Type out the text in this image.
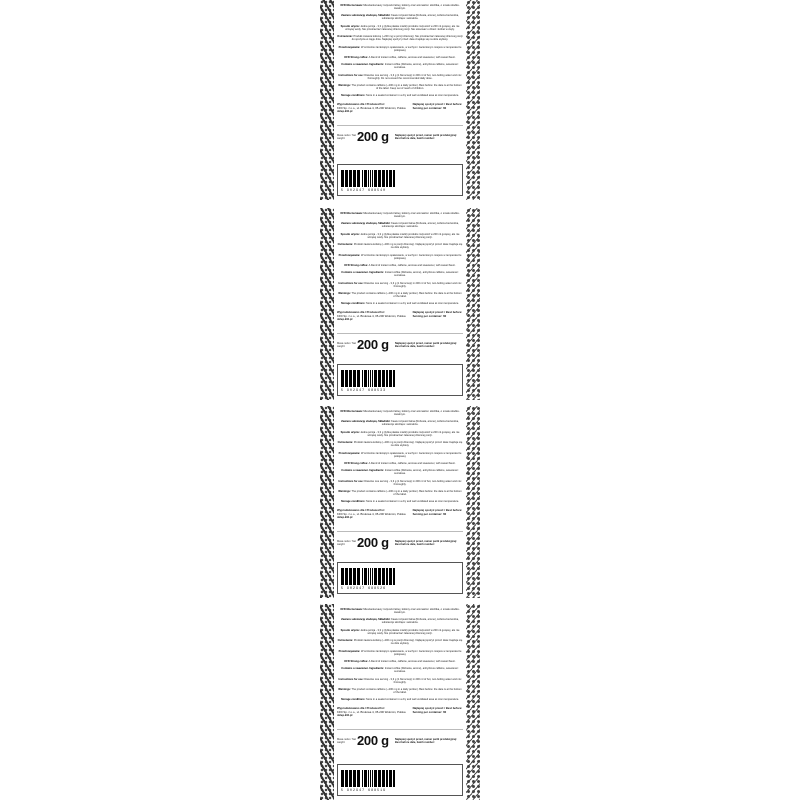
KFD Mocna kawa: Mieszanka kawy rozpuszczalnej, kofeiny oraz aromatów i słodzika, o smaku słodko-kwaśnym.

Zawiera substancję słodzącą. Składniki: Kawa rozpuszczalna (Robusta, arome), kofeina bezwodna, substancje słodzące: sukraloza.

Sposób użycia: Jedna porcja - 3,3 g (łyżka płaska miarki) produktu rozpuścić w 200 ml gorącej, ale nie wrzącej wody. Nie przekraczać zalecanej dziennej porcji. Nie stosować u dzieci i kobiet w ciąży.

Ostrzeżenie: Produkt zawiera kofeinę (~200 mg w porcji dziennej). Nie przekraczać zalecanej dziennej porcji do spożycia w ciągu dnia. Najlepiej spożyć przed: data znajduje się na dole etykiety.

Przechowywanie: W szczelnie zamkniętym opakowaniu, w suchym i zacienionym miejscu w temperaturze pokojowej.

KFD Strong coffee: A blend of instant coffee, caffeine, aromas and sweetener, with sweet flavor.

Contains a sweetener. Ingredients: Instant coffee (Robusta, arome), anhydrous caffeine, sweetener: sucralose.

Instructions for use: Dissolve one serving - 3,3 g (1 flat scoop) in 200 ml of hot, non-boiling water and mix thoroughly. Do not exceed the recommended daily dose.

Warnings: The product contains caffeine (~200 mg in a daily portion). Best before: the date is at the bottom of the label. Keep out of reach of children.

Storage conditions: Store in a sealed container in a dry and well ventilated area at room temperature.

Wyprodukowano dla / Produced for:
KFD Sp. z o.o., ul. Brukowa 4, 05-200 Wołomin, Polska
sklep.kfd.pl
Najlepiej spożyć przed: / Best before:
Serving per container: 60
Masa netto / Net weight: 200 g	Najlepiej spożyć przed, numer partii produkcyjnej: Best before date, batch number:
5 902947 688540

KFD Mocna kawa: Mieszanka kawy rozpuszczalnej, kofeiny oraz aromatów i słodzika, o smaku słodko-kwaśnym.

Zawiera substancję słodzącą. Składniki: Kawa rozpuszczalna (Robusta, arome), kofeina bezwodna, substancje słodzące: sukraloza.

Sposób użycia: Jedna porcja - 3,3 g (łyżka płaska miarki) produktu rozpuścić w 200 ml gorącej, ale nie wrzącej wody. Nie przekraczać zalecanej dziennej porcji.

Ostrzeżenie: Produkt zawiera kofeinę (~200 mg w porcji dziennej). Najlepiej spożyć przed: data znajduje się na dole etykiety.

Przechowywanie: W szczelnie zamkniętym opakowaniu, w suchym i zacienionym miejscu w temperaturze pokojowej.

KFD Strong coffee: A blend of instant coffee, caffeine, aromas and sweetener, with sweet flavor.

Contains a sweetener. Ingredients: Instant coffee (Robusta, arome), anhydrous caffeine, sweetener: sucralose.

Instructions for use: Dissolve one serving - 3,3 g (1 flat scoop) in 200 ml of hot, non-boiling water and mix thoroughly.

Warnings: The product contains caffeine (~200 mg in a daily portion). Best before: the date is at the bottom of the label.

Storage conditions: Store in a sealed container in a dry and well ventilated area at room temperature.

Wyprodukowano dla / Produced for:
KFD Sp. z o.o., ul. Brukowa 4, 05-200 Wołomin, Polska
sklep.kfd.pl
Najlepiej spożyć przed: / Best before:
Serving per container: 60
Masa netto / Net weight: 200 g	Najlepiej spożyć przed, numer partii produkcyjnej: Best before date, batch number:
5 902947 688533

KFD Mocna kawa: Mieszanka kawy rozpuszczalnej, kofeiny oraz aromatów i słodzika, o smaku słodko-kwaśnym.

Zawiera substancję słodzącą. Składniki: Kawa rozpuszczalna (Robusta, arome), kofeina bezwodna, substancje słodzące: sukraloza.

Sposób użycia: Jedna porcja - 3,3 g (łyżka płaska miarki) produktu rozpuścić w 200 ml gorącej, ale nie wrzącej wody. Nie przekraczać zalecanej dziennej porcji.

Ostrzeżenie: Produkt zawiera kofeinę (~200 mg w porcji dziennej). Najlepiej spożyć przed: data znajduje się na dole etykiety.

Przechowywanie: W szczelnie zamkniętym opakowaniu, w suchym i zacienionym miejscu w temperaturze pokojowej.

KFD Strong coffee: A blend of instant coffee, caffeine, aromas and sweetener, with sweet flavor.

Contains a sweetener. Ingredients: Instant coffee (Robusta, arome), anhydrous caffeine, sweetener: sucralose.

Instructions for use: Dissolve one serving - 3,3 g (1 flat scoop) in 200 ml of hot, non-boiling water and mix thoroughly.

Warnings: The product contains caffeine (~200 mg in a daily portion). Best before: the date is at the bottom of the label.

Storage conditions: Store in a sealed container in a dry and well ventilated area at room temperature.

Wyprodukowano dla / Produced for:
KFD Sp. z o.o., ul. Brukowa 4, 05-200 Wołomin, Polska
sklep.kfd.pl
Najlepiej spożyć przed: / Best before:
Serving per container: 60
Masa netto / Net weight: 200 g	Najlepiej spożyć przed, numer partii produkcyjnej: Best before date, batch number:
5 902947 688526

KFD Mocna kawa: Mieszanka kawy rozpuszczalnej, kofeiny oraz aromatów i słodzika, o smaku słodko-kwaśnym.

Zawiera substancję słodzącą. Składniki: Kawa rozpuszczalna (Robusta, arome), kofeina bezwodna, substancje słodzące: sukraloza.

Sposób użycia: Jedna porcja - 3,3 g (łyżka płaska miarki) produktu rozpuścić w 200 ml gorącej, ale nie wrzącej wody. Nie przekraczać zalecanej dziennej porcji.

Ostrzeżenie: Produkt zawiera kofeinę (~200 mg w porcji dziennej). Najlepiej spożyć przed: data znajduje się na dole etykiety.

Przechowywanie: W szczelnie zamkniętym opakowaniu, w suchym i zacienionym miejscu w temperaturze pokojowej.

KFD Strong coffee: A blend of instant coffee, caffeine, aromas and sweetener, with sweet flavor.

Contains a sweetener. Ingredients: Instant coffee (Robusta, arome), anhydrous caffeine, sweetener: sucralose.

Instructions for use: Dissolve one serving - 3,3 g (1 flat scoop) in 200 ml of hot, non-boiling water and mix thoroughly.

Warnings: The product contains caffeine (~200 mg in a daily portion). Best before: the date is at the bottom of the label.

Storage conditions: Store in a sealed container in a dry and well ventilated area at room temperature.

Wyprodukowano dla / Produced for:
KFD Sp. z o.o., ul. Brukowa 4, 05-200 Wołomin, Polska
sklep.kfd.pl
Najlepiej spożyć przed: / Best before:
Serving per container: 60
Masa netto / Net weight: 200 g	Najlepiej spożyć przed, numer partii produkcyjnej: Best before date, batch number:
5 902947 688519
